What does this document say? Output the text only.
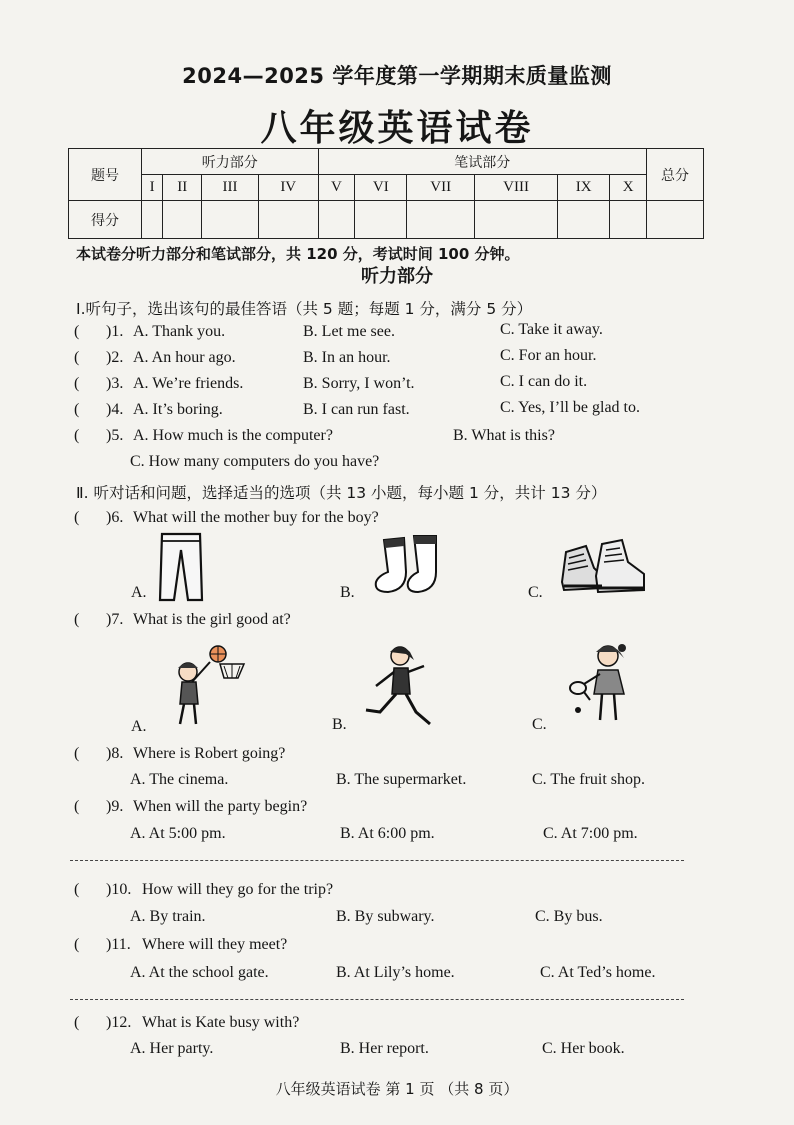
2024—2025 学年度第一学期期末质量监测
八年级英语试卷
题号	听力部分				笔试部分						总分
	I	II	III	IV	V	VI	VII	VIII	IX	X	
得分											
本试卷分听力部分和笔试部分，共 120 分，考试时间 100 分钟。
听力部分
Ⅰ.听句子，选出该句的最佳答语（共 5 题；每题 1 分，满分 5 分）
( )1. A. Thank you.	B. Let me see.	C. Take it away.
( )2. A. An hour ago.	B. In an hour.	C. For an hour.
( )3. A. We’re friends.	B. Sorry, I won’t.	C. I can do it.
( )4. A. It’s boring.	B. I can run fast.	C. Yes, I’ll be glad to.
( )5. A. How much is the computer?	B. What is this?
C. How many computers do you have?
Ⅱ. 听对话和问题，选择适当的选项（共 13 小题，每小题 1 分，共计 13 分）
( )6. What will the mother buy for the boy?
A.	B.	C.
( )7. What is the girl good at?
A.	B.	C.
( )8. Where is Robert going?
A. The cinema.	B. The supermarket.	C. The fruit shop.
( )9. When will the party begin?
A. At 5:00 pm.	B. At 6:00 pm.	C. At 7:00 pm.
( )10. How will they go for the trip?
A. By train.	B. By subwary.	C. By bus.
( )11. Where will they meet?
A. At the school gate.	B. At Lily’s home.	C. At Ted’s home.
( )12. What is Kate busy with?
A. Her party.	B. Her report.	C. Her book.
八年级英语试卷 第 1 页 （共 8 页）
